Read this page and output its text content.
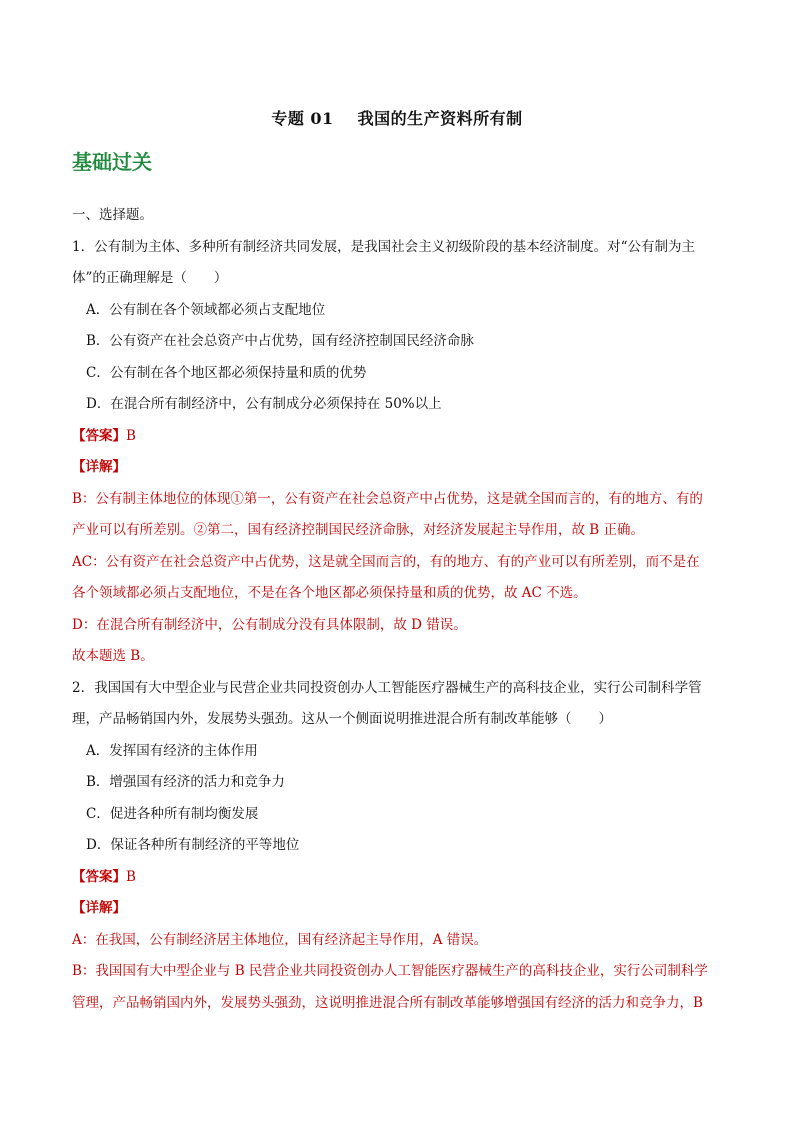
专题 01 我国的生产资料所有制
基础过关
一、选择题。
1．公有制为主体、多种所有制经济共同发展，是我国社会主义初级阶段的基本经济制度。对“公有制为主
体”的正确理解是（　　）
A．公有制在各个领域都必须占支配地位
B．公有资产在社会总资产中占优势，国有经济控制国民经济命脉
C．公有制在各个地区都必须保持量和质的优势
D．在混合所有制经济中，公有制成分必须保持在 50%以上
【答案】B
【详解】
B：公有制主体地位的体现①第一，公有资产在社会总资产中占优势，这是就全国而言的，有的地方、有的
产业可以有所差别。②第二，国有经济控制国民经济命脉，对经济发展起主导作用，故 B 正确。
AC：公有资产在社会总资产中占优势，这是就全国而言的，有的地方、有的产业可以有所差别，而不是在
各个领域都必须占支配地位，不是在各个地区都必须保持量和质的优势，故 AC 不选。
D：在混合所有制经济中，公有制成分没有具体限制，故 D 错误。
故本题选 B。
2．我国国有大中型企业与民营企业共同投资创办人工智能医疗器械生产的高科技企业，实行公司制科学管
理，产品畅销国内外，发展势头强劲。这从一个侧面说明推进混合所有制改革能够（　　）
A．发挥国有经济的主体作用
B．增强国有经济的活力和竞争力
C．促进各种所有制均衡发展
D．保证各种所有制经济的平等地位
【答案】B
【详解】
A：在我国，公有制经济居主体地位，国有经济起主导作用，A 错误。
B：我国国有大中型企业与 B 民营企业共同投资创办人工智能医疗器械生产的高科技企业，实行公司制科学
管理，产品畅销国内外，发展势头强劲，这说明推进混合所有制改革能够增强国有经济的活力和竞争力，B
